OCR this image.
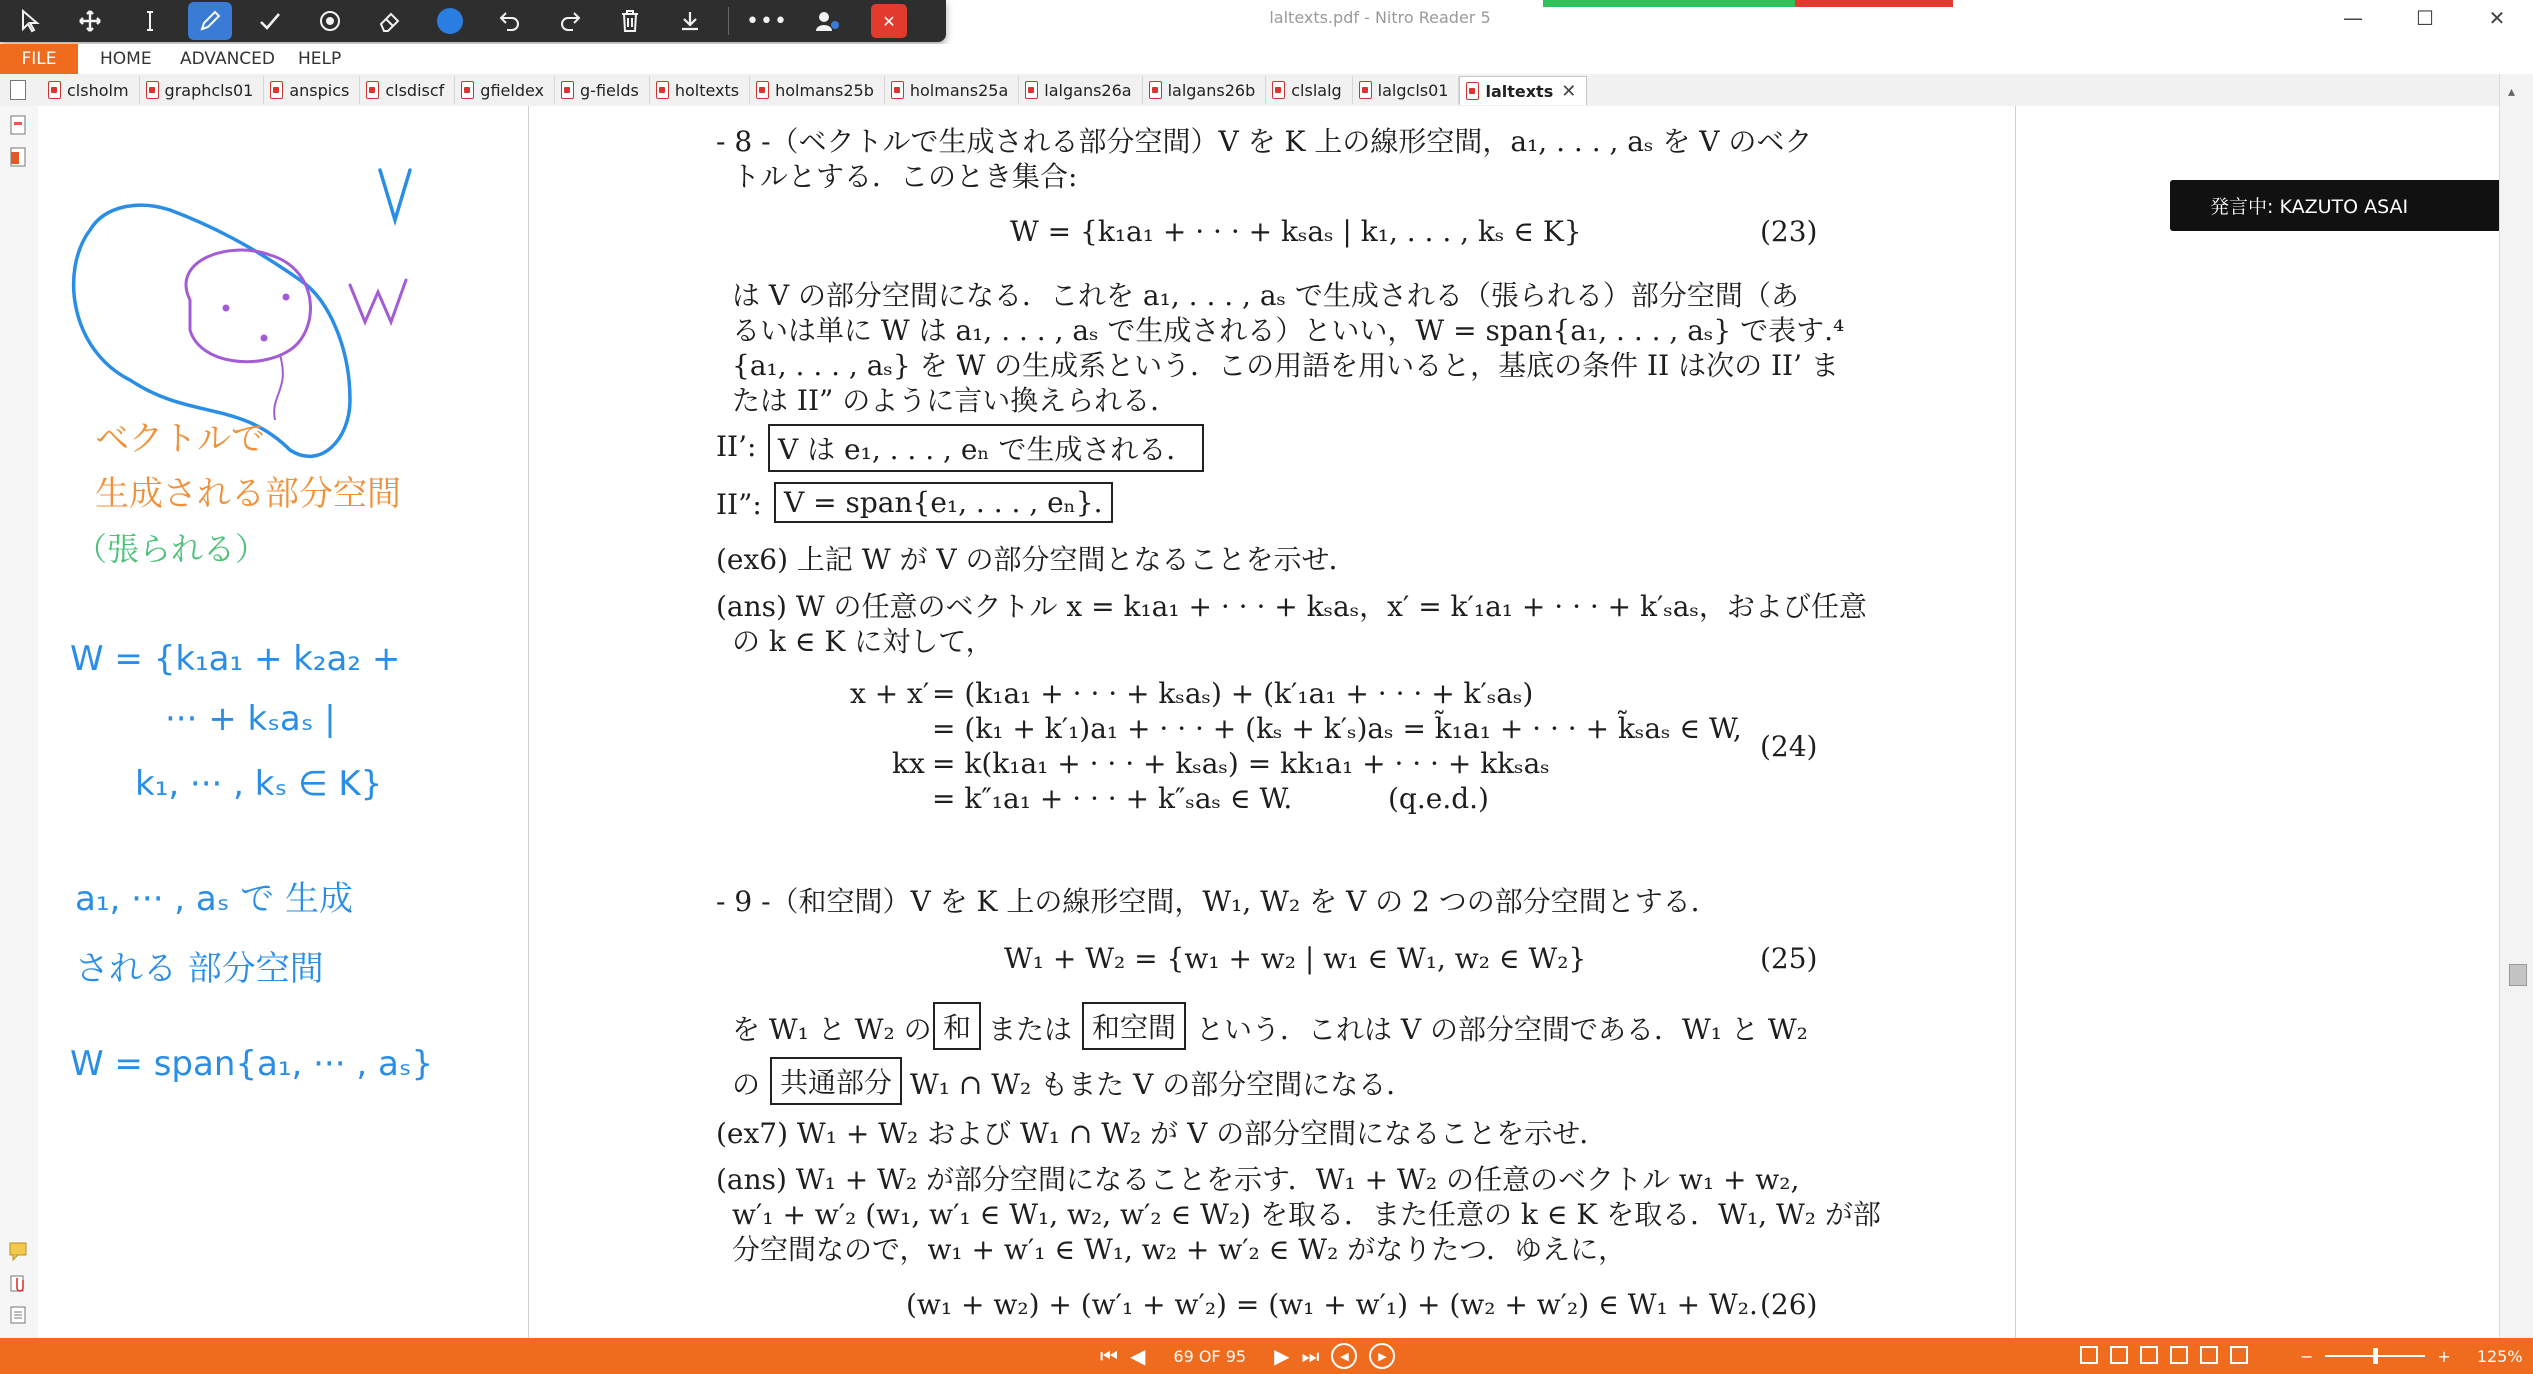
laltexts.pdf - Nitro Reader 5	—	☐	✕
•••	✕
FILE	HOME ADVANCED HELP
clsholm graphcls01 anspics clsdiscf gfieldex g-fields holtexts holmans25b holmans25a lalgans26a lalgans26b clslalg lalgcls01 laltexts ✕
ベクトルで
生成される部分空間
（張られる）
W = {k₁a₁ + k₂a₂ +
··· + kₛaₛ |
k₁, ··· , kₛ ∈ K}
a₁, ··· , aₛ で 生成
される 部分空間
W = span{a₁, ··· , aₛ}
- 8 -（ベクトルで生成される部分空間）V を K 上の線形空間，a₁, . . . , aₛ を V のベク
トルとする．このとき集合:
W = {k₁a₁ + · · · + kₛaₛ | k₁, . . . , kₛ ∈ K}	(23)
は V の部分空間になる．これを a₁, . . . , aₛ で生成される（張られる）部分空間（あ
るいは単に W は a₁, . . . , aₛ で生成される）といい，W = span{a₁, . . . , aₛ} で表す.⁴
{a₁, . . . , aₛ} を W の生成系という．この用語を用いると，基底の条件 II は次の II’ ま
たは II” のように言い換えられる．
II’: V は e₁, . . . , eₙ で生成される．
II”: V = span{e₁, . . . , eₙ}.
(ex6) 上記 W が V の部分空間となることを示せ．
(ans) W の任意のベクトル x = k₁a₁ + · · · + kₛaₛ，x′ = k′₁a₁ + · · · + k′ₛaₛ，および任意
の k ∈ K に対して，
x + x′ = (k₁a₁ + · · · + kₛaₛ) + (k′₁a₁ + · · · + k′ₛaₛ)
= (k₁ + k′₁)a₁ + · · · + (kₛ + k′ₛ)aₛ = k̃₁a₁ + · · · + k̃ₛaₛ ∈ W,
kx = k(k₁a₁ + · · · + kₛaₛ) = kk₁a₁ + · · · + kkₛaₛ
= k″₁a₁ + · · · + k″ₛaₛ ∈ W.	(q.e.d.)
(24)
- 9 -（和空間）V を K 上の線形空間，W₁, W₂ を V の 2 つの部分空間とする．
W₁ + W₂ = {w₁ + w₂ | w₁ ∈ W₁, w₂ ∈ W₂}	(25)
を W₁ と W₂ の 和 または 和空間 という．これは V の部分空間である．W₁ と W₂
の 共通部分 W₁ ∩ W₂ もまた V の部分空間になる．
(ex7) W₁ + W₂ および W₁ ∩ W₂ が V の部分空間になることを示せ．
(ans) W₁ + W₂ が部分空間になることを示す．W₁ + W₂ の任意のベクトル w₁ + w₂,
w′₁ + w′₂ (w₁, w′₁ ∈ W₁, w₂, w′₂ ∈ W₂) を取る．また任意の k ∈ K を取る．W₁, W₂ が部
分空間なので，w₁ + w′₁ ∈ W₁, w₂ + w′₂ ∈ W₂ がなりたつ．ゆえに，
(w₁ + w₂) + (w′₁ + w′₂) = (w₁ + w′₁) + (w₂ + w′₂) ∈ W₁ + W₂. (26)
発言中: KAZUTO ASAI
▴
⏮ ◀ 69 OF 95 ▶ ⏭	◀	▶	−	+ 125%
